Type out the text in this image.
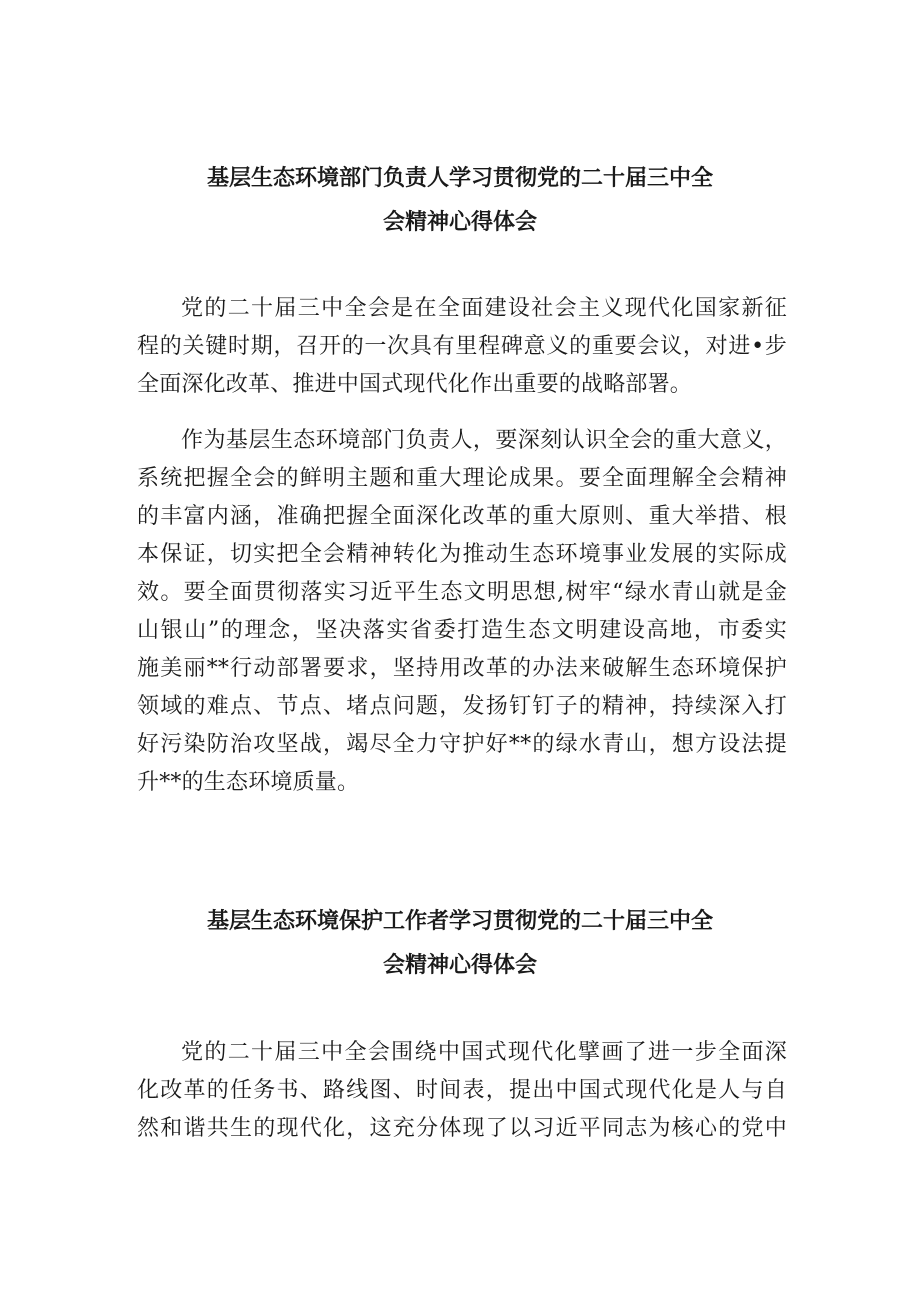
基层生态环境部门负责人学习贯彻党的二十届三中全
会精神心得体会

党的二十届三中全会是在全面建设社会主义现代化国家新征
程的关键时期，召开的一次具有里程碑意义的重要会议，对进•步
全面深化改革、推进中国式现代化作出重要的战略部署。

作为基层生态环境部门负责人，要深刻认识全会的重大意义，
系统把握全会的鲜明主题和重大理论成果。要全面理解全会精神
的丰富内涵，准确把握全面深化改革的重大原则、重大举措、根
本保证，切实把全会精神转化为推动生态环境事业发展的实际成
效。要全面贯彻落实习近平生态文明思想,树牢“绿水青山就是金
山银山”的理念，坚决落实省委打造生态文明建设高地，市委实
施美丽**行动部署要求，坚持用改革的办法来破解生态环境保护
领域的难点、节点、堵点问题，发扬钉钉子的精神，持续深入打
好污染防治攻坚战，竭尽全力守护好**的绿水青山，想方设法提
升**的生态环境质量。

基层生态环境保护工作者学习贯彻党的二十届三中全
会精神心得体会

党的二十届三中全会围绕中国式现代化擘画了进一步全面深
化改革的任务书、路线图、时间表，提出中国式现代化是人与自
然和谐共生的现代化，这充分体现了以习近平同志为核心的党中
